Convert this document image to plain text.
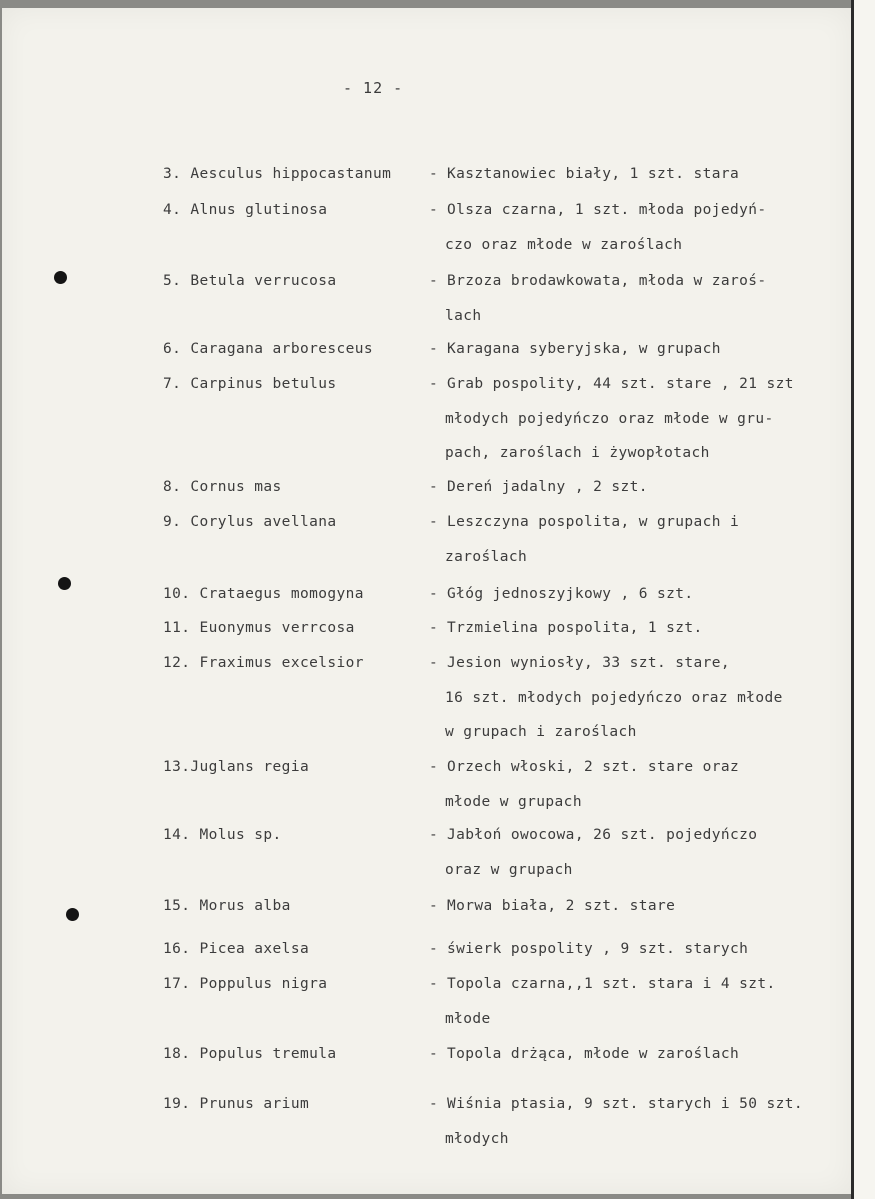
- 12 -
3. Aesculus hippocastanum	- Kasztanowiec biały, 1 szt. stara
4. Alnus glutinosa	- Olsza czarna, 1 szt. młoda pojedyń-
czo oraz młode w zaroślach
5. Betula verrucosa	- Brzoza brodawkowata, młoda w zaroś-
lach
6. Caragana arboresceus	- Karagana syberyjska, w grupach
7. Carpinus betulus	- Grab pospolity, 44 szt. stare , 21 szt
młodych pojedyńczo oraz młode w gru-
pach, zaroślach i żywopłotach
8. Cornus mas	- Dereń jadalny , 2 szt.
9. Corylus avellana	- Leszczyna pospolita, w grupach i
zaroślach
10. Crataegus momogyna	- Głóg jednoszyjkowy , 6 szt.
11. Euonymus verrcosa	- Trzmielina pospolita, 1 szt.
12. Fraximus excelsior	- Jesion wyniosły, 33 szt. stare,
16 szt. młodych pojedyńczo oraz młode
w grupach i zaroślach
13.Juglans regia	- Orzech włoski, 2 szt. stare oraz
młode w grupach
14. Molus sp.	- Jabłoń owocowa, 26 szt. pojedyńczo
oraz w grupach
15. Morus alba	- Morwa biała, 2 szt. stare
16. Picea axelsa	- świerk pospolity , 9 szt. starych
17. Poppulus nigra	- Topola czarna,,1 szt. stara i 4 szt.
młode
18. Populus tremula	- Topola drżąca, młode w zaroślach
19. Prunus arium	- Wiśnia ptasia, 9 szt. starych i 50 szt.
młodych
